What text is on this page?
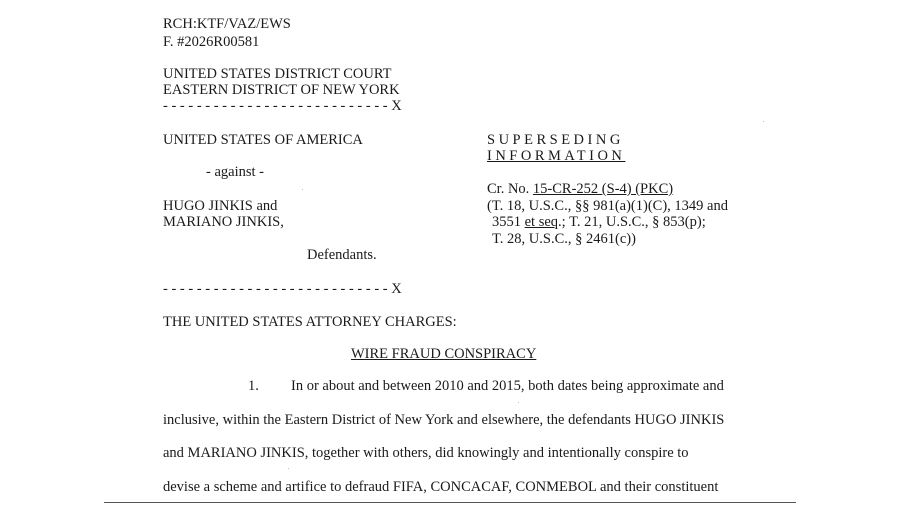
RCH:KTF/VAZ/EWS
F. #2026R00581
UNITED STATES DISTRICT COURT
EASTERN DISTRICT OF NEW YORK
- - - - - - - - - - - - - - - - - - - - - - - - - - - X
UNITED STATES OF AMERICA
- against -
HUGO JINKIS and
MARIANO JINKIS,
Defendants.
- - - - - - - - - - - - - - - - - - - - - - - - - - - X
SUPERSEDING
INFORMATION
Cr. No. 15-CR-252 (S-4) (PKC)
(T. 18, U.S.C., §§ 981(a)(1)(C), 1349 and
3551 et seq.; T. 21, U.S.C., § 853(p);
T. 28, U.S.C., § 2461(c))
THE UNITED STATES ATTORNEY CHARGES:
WIRE FRAUD CONSPIRACY
1. In or about and between 2010 and 2015, both dates being approximate and
inclusive, within the Eastern District of New York and elsewhere, the defendants HUGO JINKIS
and MARIANO JINKIS, together with others, did knowingly and intentionally conspire to
devise a scheme and artifice to defraud FIFA, CONCACAF, CONMEBOL and their constituent
